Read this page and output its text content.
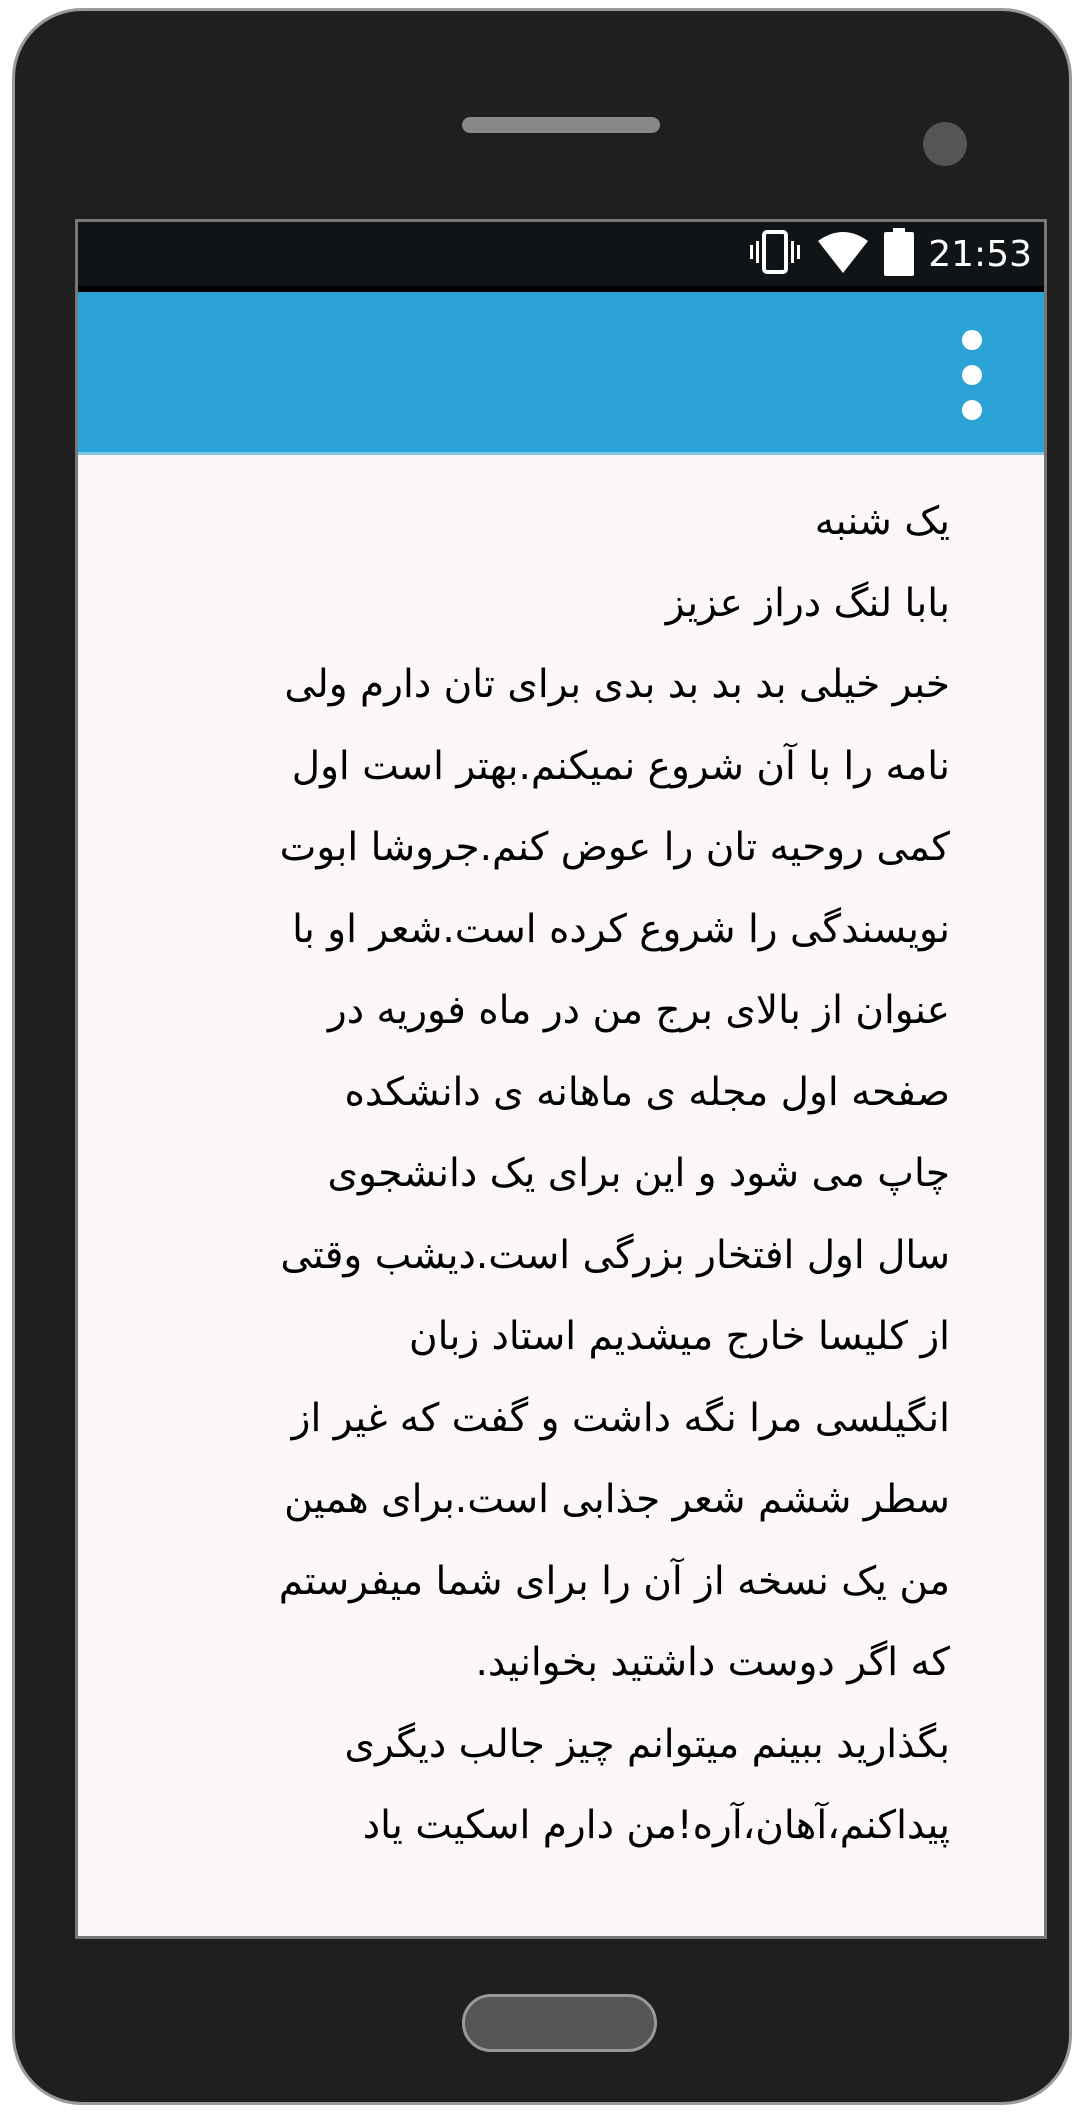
21:53
یک شنبه
بابا لنگ دراز عزیز
خبر خیلی بد بد بد بدی برای تان دارم ولی
نامه را با آن شروع نمیکنم.بهتر است اول
کمی روحیه تان را عوض کنم.جروشا ابوت
نویسندگی را شروع کرده است.شعر او با
عنوان از بالای برج من در ماه فوریه در
صفحه اول مجله ی ماهانه ی دانشکده
چاپ می شود و این برای یک دانشجوی
سال اول افتخار بزرگی است.دیشب وقتی
از کلیسا خارج میشدیم استاد زبان
انگیلسی مرا نگه داشت و گفت که غیر از
سطر ششم شعر جذابی است.برای همین
من یک نسخه از آن را برای شما میفرستم
که اگر دوست داشتید بخوانید.
بگذارید ببینم میتوانم چیز جالب دیگری
پیداکنم،آهان،آره!من دارم اسکیت یاد
